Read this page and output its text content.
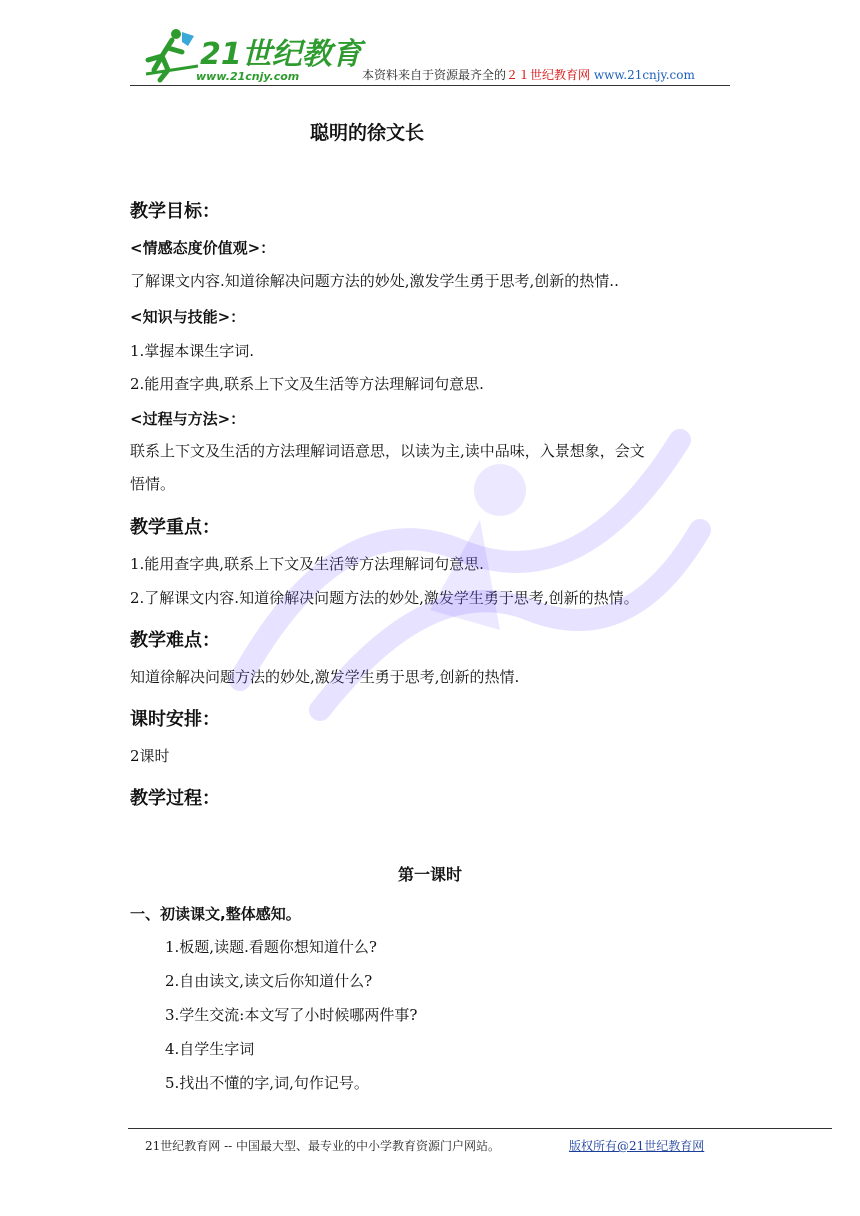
21世纪教育
www.21cnjy.com	本资料来自于资源最齐全的２１世纪教育网 www.21cnjy.com
聪明的徐文长
教学目标：
<情感态度价值观>：
了解课文内容.知道徐解决问题方法的妙处,激发学生勇于思考,创新的热情..
<知识与技能>：
1.掌握本课生字词.
2.能用查字典,联系上下文及生活等方法理解词句意思.
<过程与方法>：
联系上下文及生活的方法理解词语意思，以读为主,读中品味，入景想象，会文
悟情。
教学重点：
1.能用查字典,联系上下文及生活等方法理解词句意思.
2.了解课文内容.知道徐解决问题方法的妙处,激发学生勇于思考,创新的热情。
教学难点：
知道徐解决问题方法的妙处,激发学生勇于思考,创新的热情.
课时安排：
2课时
教学过程：
第一课时
一、初读课文,整体感知。
1.板题,读题.看题你想知道什么?
2.自由读文,读文后你知道什么?
3.学生交流:本文写了小时候哪两件事?
4.自学生字词
5.找出不懂的字,词,句作记号。
21世纪教育网 -- 中国最大型、最专业的中小学教育资源门户网站。	版权所有@21世纪教育网
